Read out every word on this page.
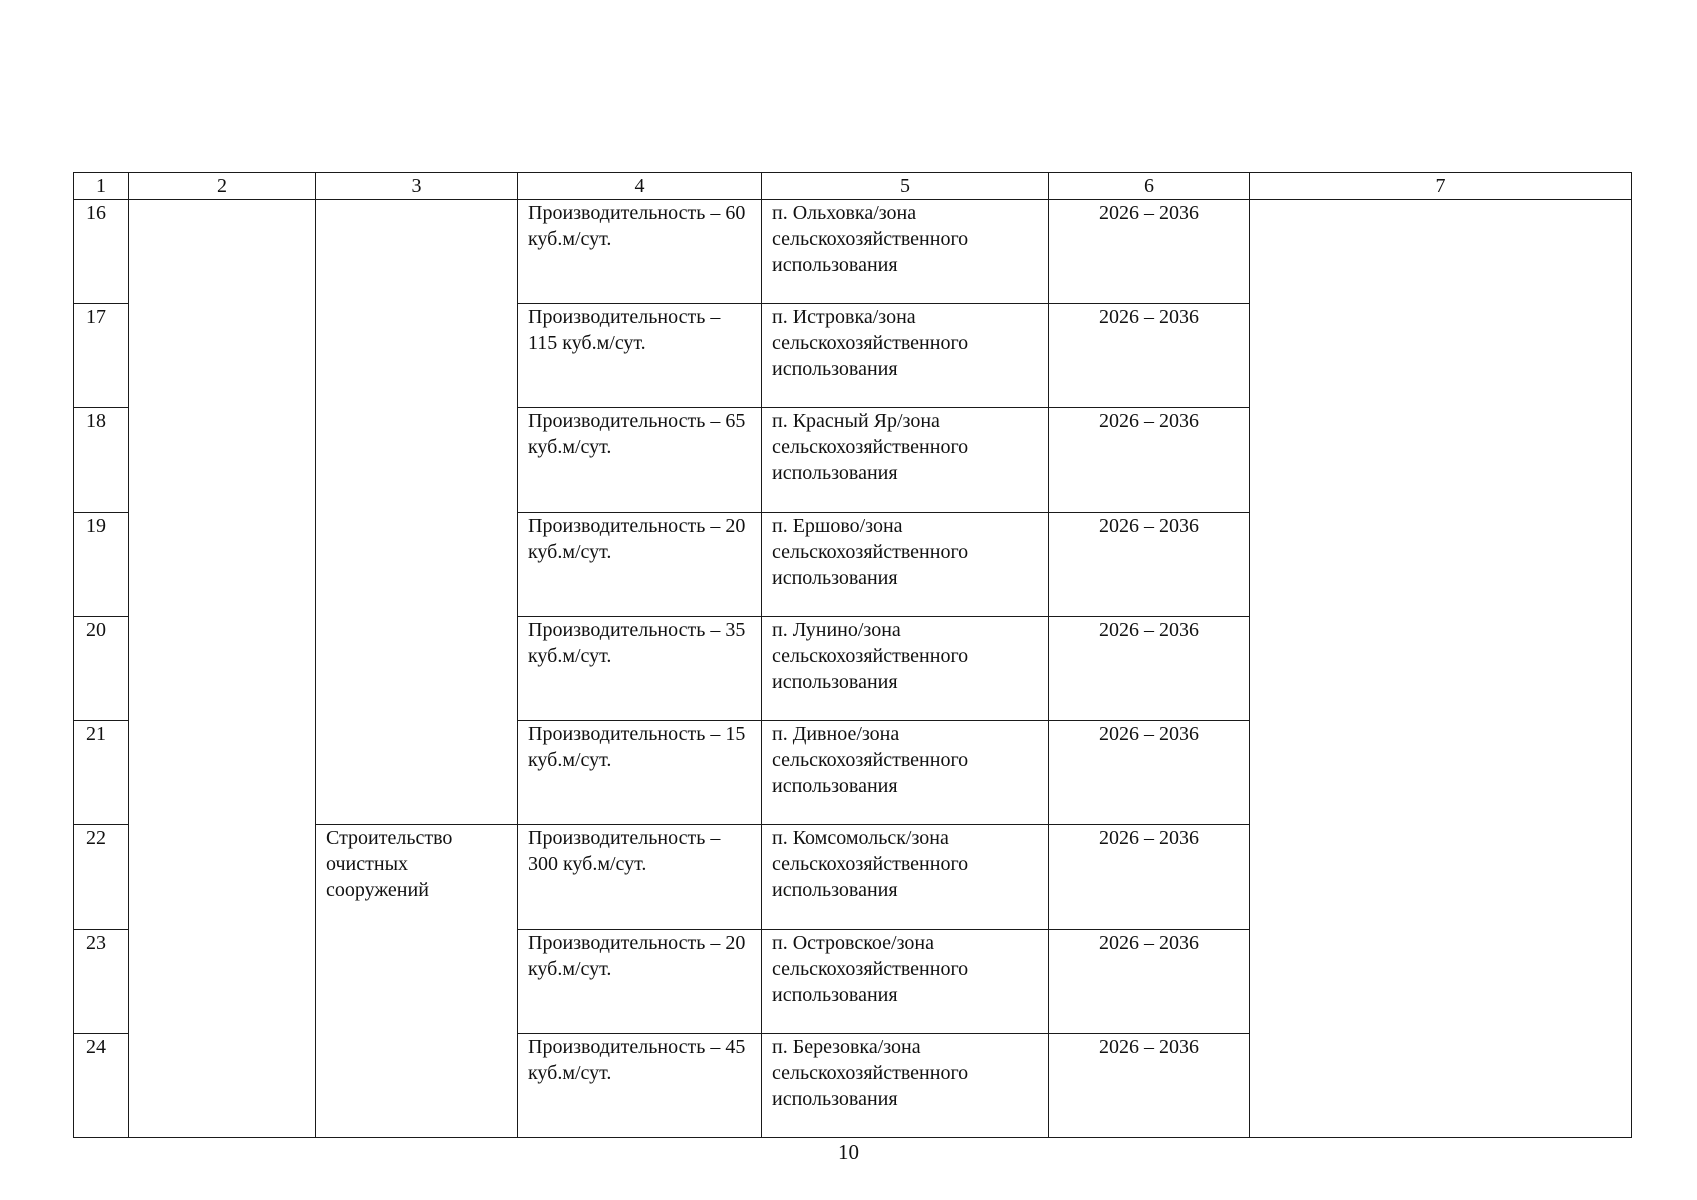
1	2	3	4	5	6	7
16			Производительность – 60 куб.м/сут.	п. Ольховка/зона сельскохозяйственного использования	2026 – 2036	
17			Производительность – 115 куб.м/сут.	п. Истровка/зона сельскохозяйственного использования	2026 – 2036	
18			Производительность – 65 куб.м/сут.	п. Красный Яр/зона сельскохозяйственного использования	2026 – 2036	
19			Производительность – 20 куб.м/сут.	п. Ершово/зона сельскохозяйственного использования	2026 – 2036	
20			Производительность – 35 куб.м/сут.	п. Лунино/зона сельскохозяйственного использования	2026 – 2036	
21			Производительность – 15 куб.м/сут.	п. Дивное/зона сельскохозяйственного использования	2026 – 2036	
22		Строительство очистных сооружений	Производительность – 300 куб.м/сут.	п. Комсомольск/зона сельскохозяйственного использования	2026 – 2036	
23			Производительность – 20 куб.м/сут.	п. Островское/зона сельскохозяйственного использования	2026 – 2036	
24			Производительность – 45 куб.м/сут.	п. Березовка/зона сельскохозяйственного использования	2026 – 2036	
10
